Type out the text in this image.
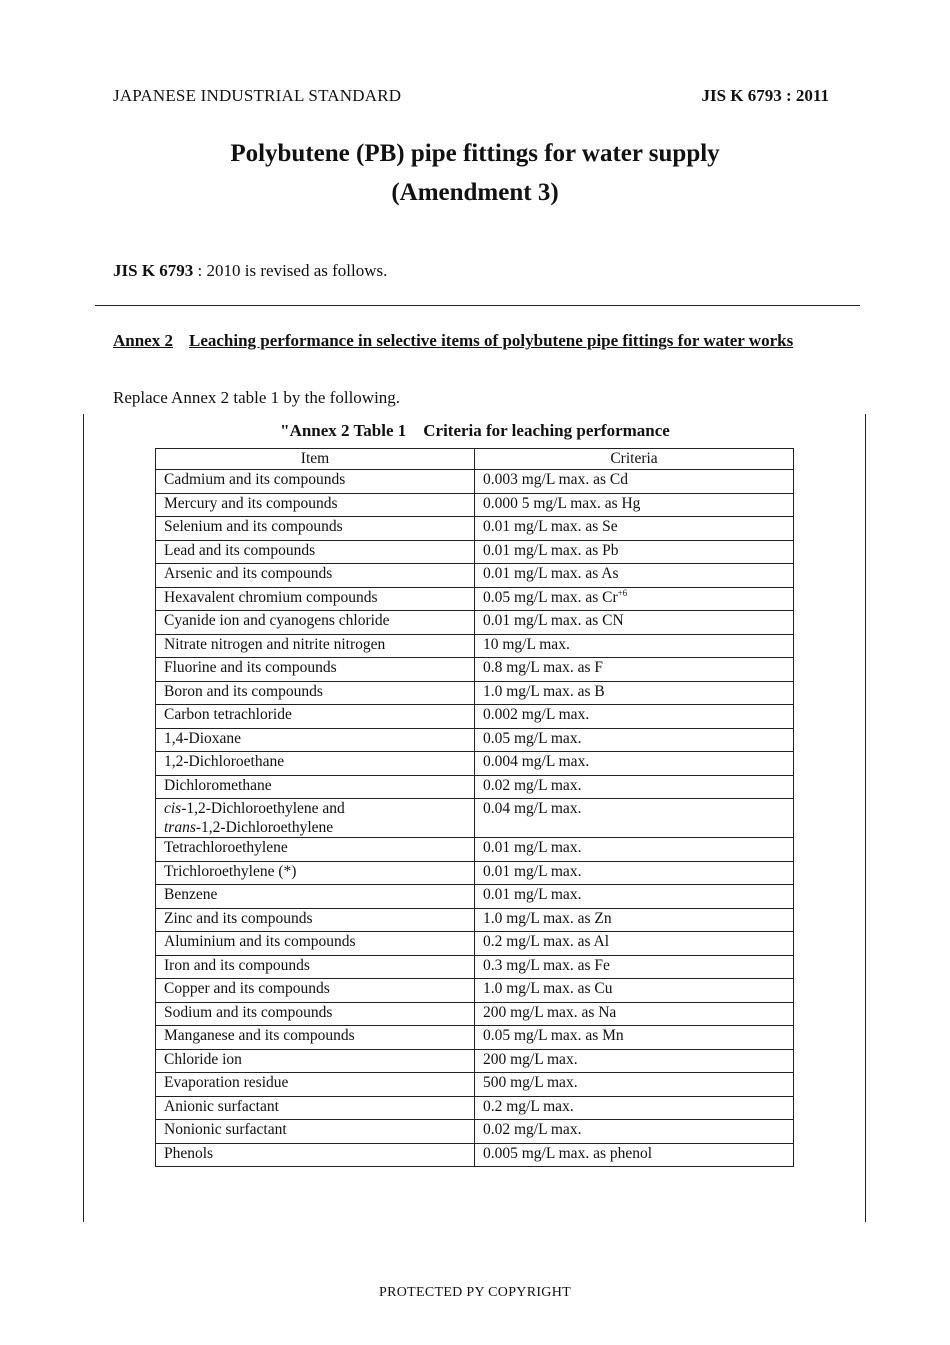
JAPANESE INDUSTRIAL STANDARD	JIS K 6793 : 2011
Polybutene (PB) pipe fittings for water supply
(Amendment 3)
JIS K 6793 : 2010 is revised as follows.
Annex 2 Leaching performance in selective items of polybutene pipe fittings for water works
Replace Annex 2 table 1 by the following.
"Annex 2 Table 1    Criteria for leaching performance
Item	Criteria
Cadmium and its compounds	0.003 mg/L max. as Cd
Mercury and its compounds	0.000 5 mg/L max. as Hg
Selenium and its compounds	0.01 mg/L max. as Se
Lead and its compounds	0.01 mg/L max. as Pb
Arsenic and its compounds	0.01 mg/L max. as As
Hexavalent chromium compounds	0.05 mg/L max. as $Cr^{+6}$
Cyanide ion and cyanogens chloride	0.01 mg/L max. as CN
Nitrate nitrogen and nitrite nitrogen	10 mg/L max.
Fluorine and its compounds	0.8 mg/L max. as F
Boron and its compounds	1.0 mg/L max. as B
Carbon tetrachloride	0.002 mg/L max.
1,4-Dioxane	0.05 mg/L max.
1,2-Dichloroethane	0.004 mg/L max.
Dichloromethane	0.02 mg/L max.
cis-1,2-Dichloroethylene and
trans-1,2-Dichloroethylene	0.04 mg/L max.
Tetrachloroethylene	0.01 mg/L max.
Trichloroethylene (*)	0.01 mg/L max.
Benzene	0.01 mg/L max.
Zinc and its compounds	1.0 mg/L max. as Zn
Aluminium and its compounds	0.2 mg/L max. as Al
Iron and its compounds	0.3 mg/L max. as Fe
Copper and its compounds	1.0 mg/L max. as Cu
Sodium and its compounds	200 mg/L max. as Na
Manganese and its compounds	0.05 mg/L max. as Mn
Chloride ion	200 mg/L max.
Evaporation residue	500 mg/L max.
Anionic surfactant	0.2 mg/L max.
Nonionic surfactant	0.02 mg/L max.
Phenols	0.005 mg/L max. as phenol
PROTECTED PY COPYRIGHT
